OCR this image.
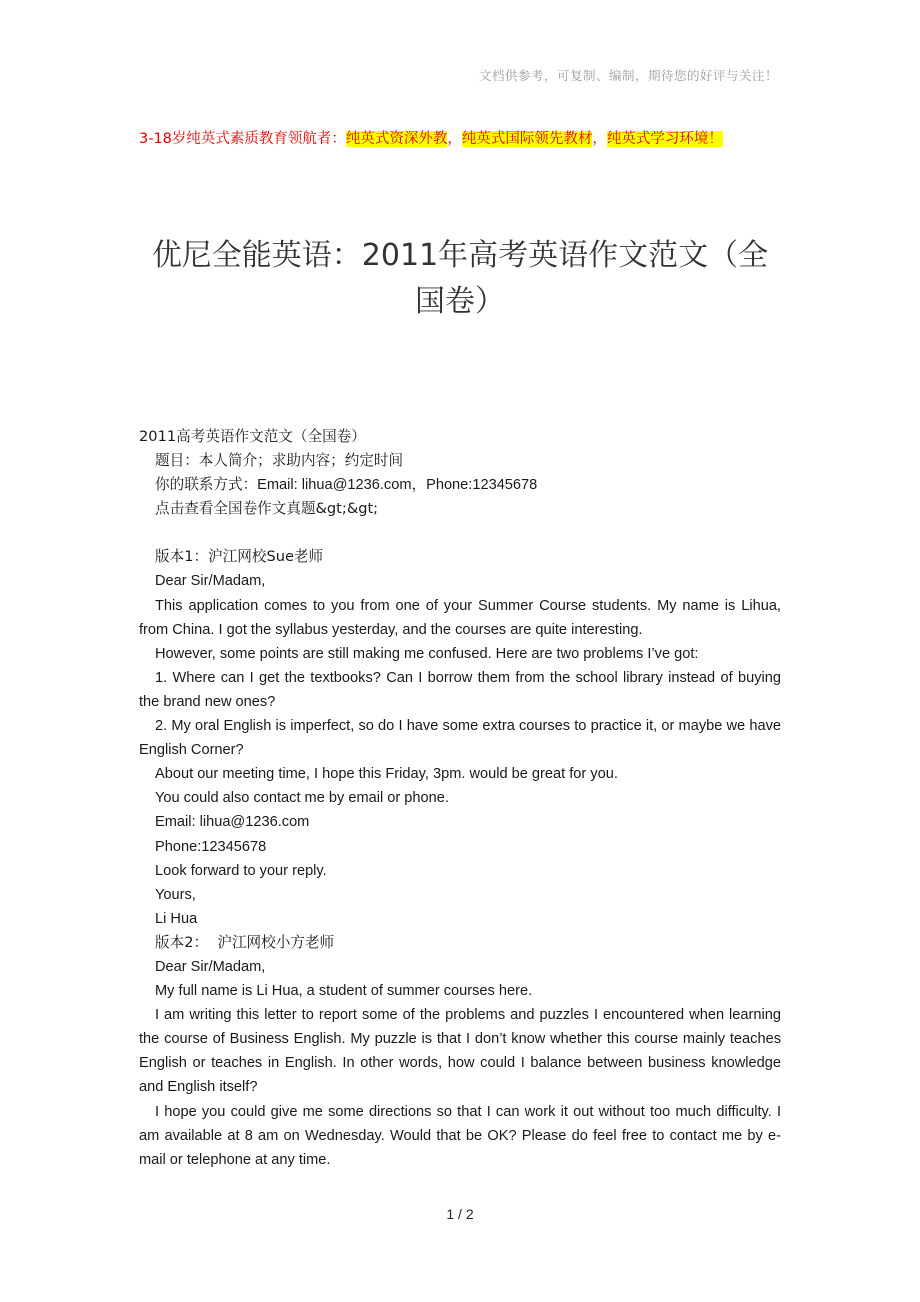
文档供参考，可复制、编制，期待您的好评与关注！
3-18岁纯英式素质教育领航者：纯英式资深外教，纯英式国际领先教材，纯英式学习环境！
优尼全能英语：2011年高考英语作文范文（全
国卷）

2011高考英语作文范文（全国卷）

题目：本人简介；求助内容；约定时间

你的联系方式：Email: lihua@1236.com，Phone:12345678

点击查看全国卷作文真题&gt;&gt;

版本1：沪江网校Sue老师

Dear Sir/Madam,

This application comes to you from one of your Summer Course students. My name is Lihua, from China. I got the syllabus yesterday, and the courses are quite interesting.

However, some points are still making me confused. Here are two problems I’ve got:

1. Where can I get the textbooks? Can I borrow them from the school library instead of buying the brand new ones?

2. My oral English is imperfect, so do I have some extra courses to practice it, or maybe we have English Corner?

About our meeting time, I hope this Friday, 3pm. would be great for you.

You could also contact me by email or phone.

Email: lihua@1236.com

Phone:12345678

Look forward to your reply.

Yours,

Li Hua

版本2：  沪江网校小方老师

Dear Sir/Madam,

My full name is Li Hua, a student of summer courses here.

I am writing this letter to report some of the problems and puzzles I encountered when learning the course of Business English. My puzzle is that I don’t know whether this course mainly teaches English or teaches in English. In other words, how could I balance between business knowledge and English itself?

I hope you could give me some directions so that I can work it out without too much difficulty. I am available at 8 am on Wednesday. Would that be OK? Please do feel free to contact me by e-mail or telephone at any time.

1 / 2
